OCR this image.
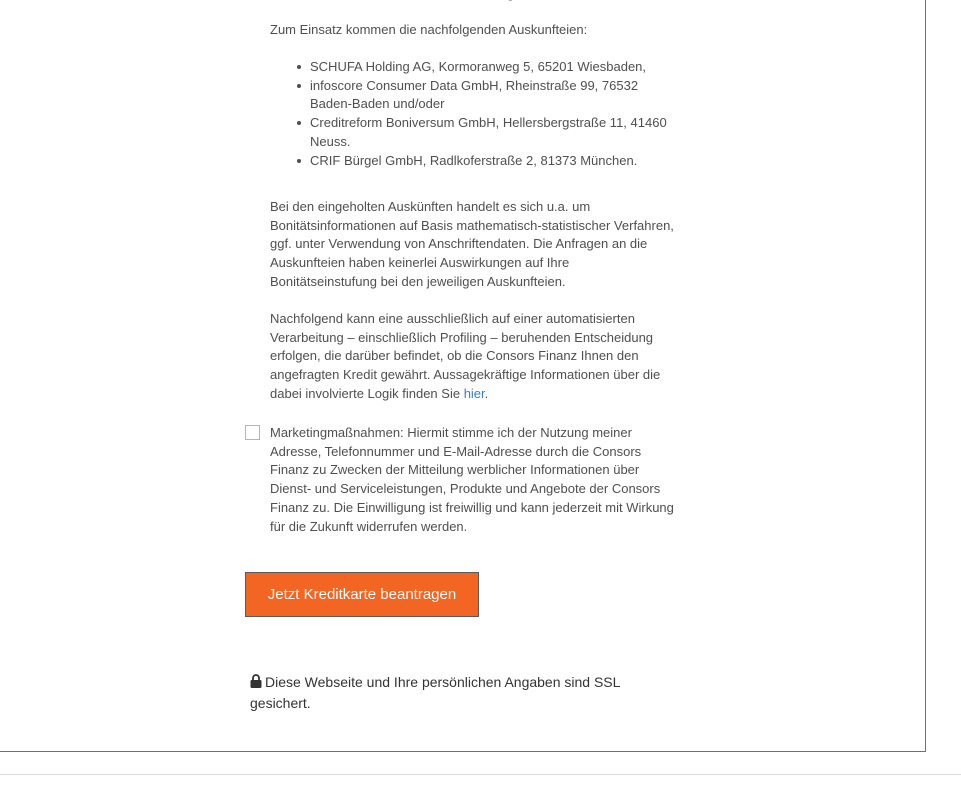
Zum Einsatz kommen die nachfolgenden Auskunfteien:
SCHUFA Holding AG, Kormoranweg 5, 65201 Wiesbaden,
infoscore Consumer Data GmbH, Rheinstraße 99, 76532 Baden-Baden und/oder
Creditreform Boniversum GmbH, Hellersbergstraße 11, 41460 Neuss.
CRIF Bürgel GmbH, Radlkoferstraße 2, 81373 München.
Bei den eingeholten Auskünften handelt es sich u.a. um Bonitätsinformationen auf Basis mathematisch-statistischer Verfahren, ggf. unter Verwendung von Anschriftendaten. Die Anfragen an die Auskunfteien haben keinerlei Auswirkungen auf Ihre Bonitätseinstufung bei den jeweiligen Auskunfteien.
Nachfolgend kann eine ausschließlich auf einer automatisierten Verarbeitung – einschließlich Profiling – beruhenden Entscheidung erfolgen, die darüber befindet, ob die Consors Finanz Ihnen den angefragten Kredit gewährt. Aussagekräftige Informationen über die dabei involvierte Logik finden Sie hier.
Marketingmaßnahmen: Hiermit stimme ich der Nutzung meiner Adresse, Telefonnummer und E-Mail-Adresse durch die Consors Finanz zu Zwecken der Mitteilung werblicher Informationen über Dienst- und Serviceleistungen, Produkte und Angebote der Consors Finanz zu. Die Einwilligung ist freiwillig und kann jederzeit mit Wirkung für die Zukunft widerrufen werden.
Jetzt Kreditkarte beantragen
Diese Webseite und Ihre persönlichen Angaben sind SSL gesichert.
